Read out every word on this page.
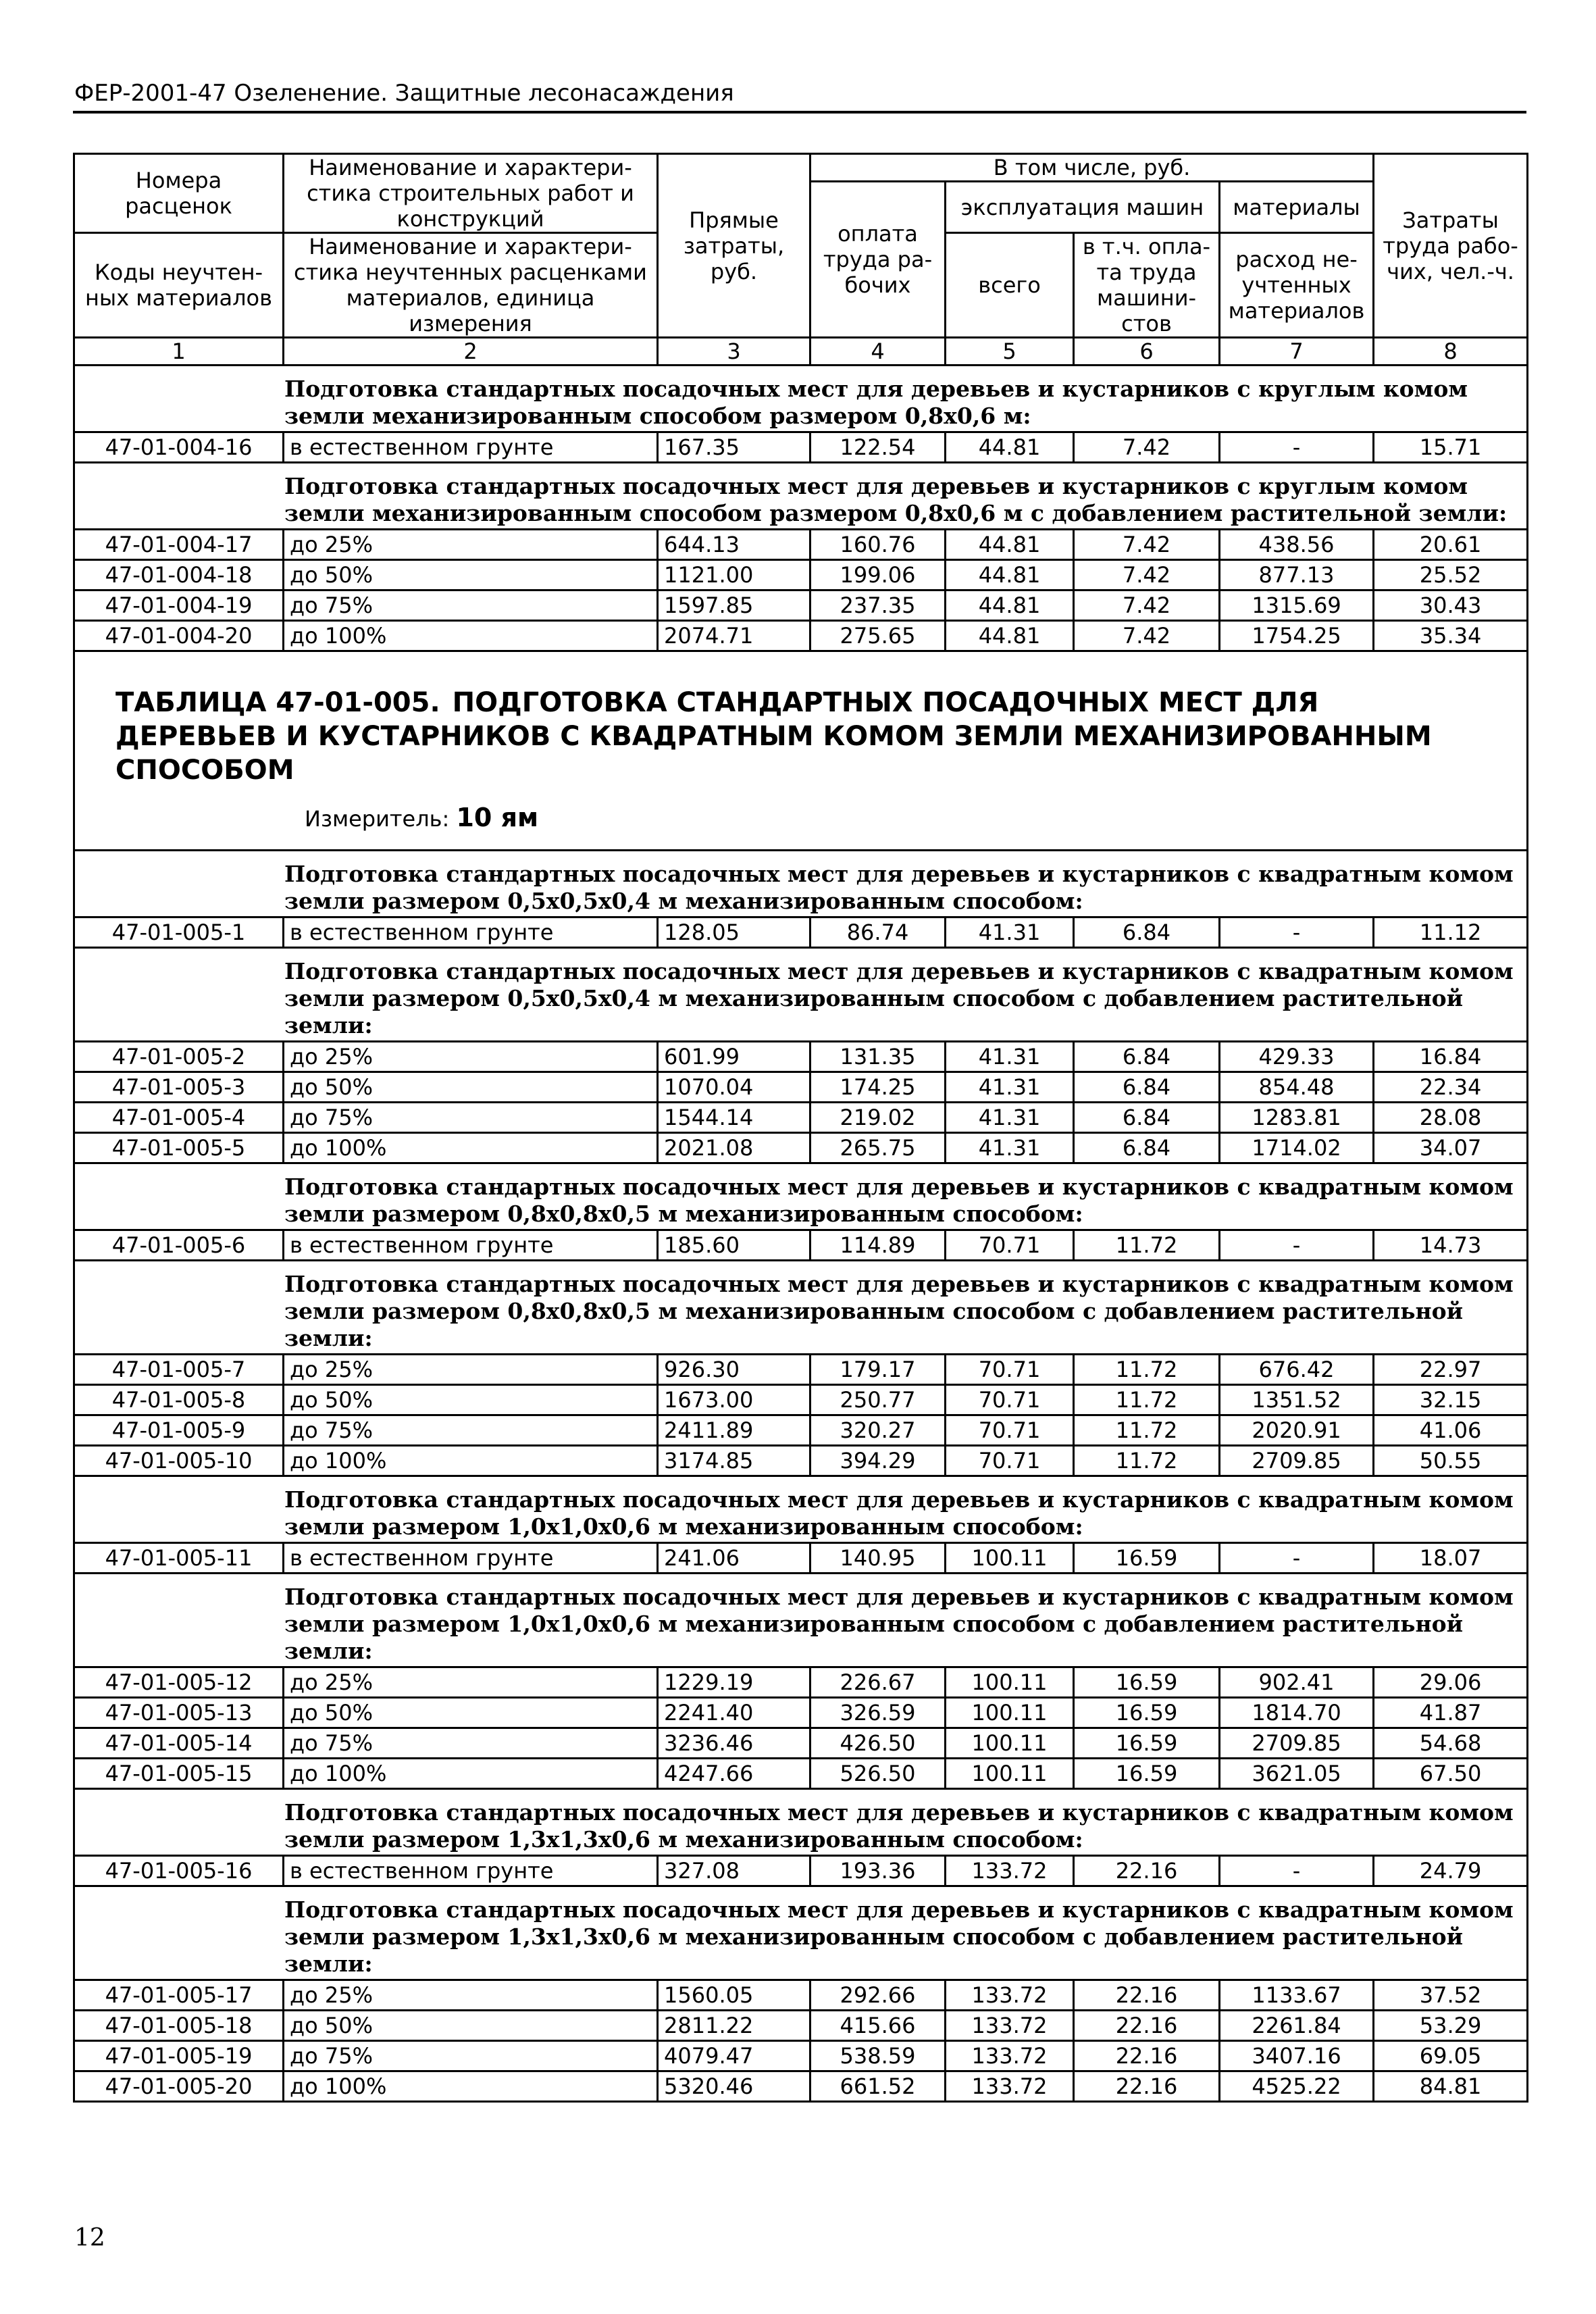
ФЕР-2001-47 Озеленение. Защитные лесонасаждения
Номера расценок	Наименование и характери-стика строительных работ и конструкций	Прямые затраты, руб.	В том числе, руб.				Затраты труда рабо-чих, чел.-ч.
			оплата труда ра-бочих	эксплуатация машин		материалы	

Коды неучтен-ных материалов	Наименование и характери-стика неучтенных расценками материалов, единица измерения			всего	в т.ч. опла-та труда машини-стов	расход не-учтенных материалов	

1	2	3	4	5	6	7	8
Подготовка стандартных посадочных мест для деревьев и кустарников с круглым комом земли механизированным способом размером 0,8х0,6 м:							
47-01-004-16	в естественном грунте	167.35	122.54	44.81	7.42	-	15.71
Подготовка стандартных посадочных мест для деревьев и кустарников с круглым комом земли механизированным способом размером 0,8х0,6 м с добавлением растительной земли:							
47-01-004-17	до 25%	644.13	160.76	44.81	7.42	438.56	20.61
47-01-004-18	до 50%	1121.00	199.06	44.81	7.42	877.13	25.52
47-01-004-19	до 75%	1597.85	237.35	44.81	7.42	1315.69	30.43
47-01-004-20	до 100%	2074.71	275.65	44.81	7.42	1754.25	35.34

ТАБЛИЦА 47-01-005. ПОДГОТОВКА СТАНДАРТНЫХ ПОСАДОЧНЫХ МЕСТ ДЛЯ ДЕРЕВЬЕВ И КУСТАРНИКОВ С КВАДРАТНЫМ КОМОМ ЗЕМЛИ МЕХАНИЗИРОВАННЫМ СПОСОБОМ
Измеритель: 10 ям							

Подготовка стандартных посадочных мест для деревьев и кустарников с квадратным комом земли размером 0,5х0,5х0,4 м механизированным способом:							
47-01-005-1	в естественном грунте	128.05	86.74	41.31	6.84	-	11.12
Подготовка стандартных посадочных мест для деревьев и кустарников с квадратным комом земли размером 0,5х0,5х0,4 м механизированным способом с добавлением растительной земли:							
47-01-005-2	до 25%	601.99	131.35	41.31	6.84	429.33	16.84
47-01-005-3	до 50%	1070.04	174.25	41.31	6.84	854.48	22.34
47-01-005-4	до 75%	1544.14	219.02	41.31	6.84	1283.81	28.08
47-01-005-5	до 100%	2021.08	265.75	41.31	6.84	1714.02	34.07
Подготовка стандартных посадочных мест для деревьев и кустарников с квадратным комом земли размером 0,8х0,8х0,5 м механизированным способом:							
47-01-005-6	в естественном грунте	185.60	114.89	70.71	11.72	-	14.73
Подготовка стандартных посадочных мест для деревьев и кустарников с квадратным комом земли размером 0,8х0,8х0,5 м механизированным способом с добавлением растительной земли:							
47-01-005-7	до 25%	926.30	179.17	70.71	11.72	676.42	22.97
47-01-005-8	до 50%	1673.00	250.77	70.71	11.72	1351.52	32.15
47-01-005-9	до 75%	2411.89	320.27	70.71	11.72	2020.91	41.06
47-01-005-10	до 100%	3174.85	394.29	70.71	11.72	2709.85	50.55
Подготовка стандартных посадочных мест для деревьев и кустарников с квадратным комом земли размером 1,0х1,0х0,6 м механизированным способом:							
47-01-005-11	в естественном грунте	241.06	140.95	100.11	16.59	-	18.07
Подготовка стандартных посадочных мест для деревьев и кустарников с квадратным комом земли размером 1,0х1,0х0,6 м механизированным способом с добавлением растительной земли:							
47-01-005-12	до 25%	1229.19	226.67	100.11	16.59	902.41	29.06
47-01-005-13	до 50%	2241.40	326.59	100.11	16.59	1814.70	41.87
47-01-005-14	до 75%	3236.46	426.50	100.11	16.59	2709.85	54.68
47-01-005-15	до 100%	4247.66	526.50	100.11	16.59	3621.05	67.50
Подготовка стандартных посадочных мест для деревьев и кустарников с квадратным комом земли размером 1,3х1,3х0,6 м механизированным способом:							
47-01-005-16	в естественном грунте	327.08	193.36	133.72	22.16	-	24.79
Подготовка стандартных посадочных мест для деревьев и кустарников с квадратным комом земли размером 1,3х1,3х0,6 м механизированным способом с добавлением растительной земли:							
47-01-005-17	до 25%	1560.05	292.66	133.72	22.16	1133.67	37.52
47-01-005-18	до 50%	2811.22	415.66	133.72	22.16	2261.84	53.29
47-01-005-19	до 75%	4079.47	538.59	133.72	22.16	3407.16	69.05
47-01-005-20	до 100%	5320.46	661.52	133.72	22.16	4525.22	84.81
12
